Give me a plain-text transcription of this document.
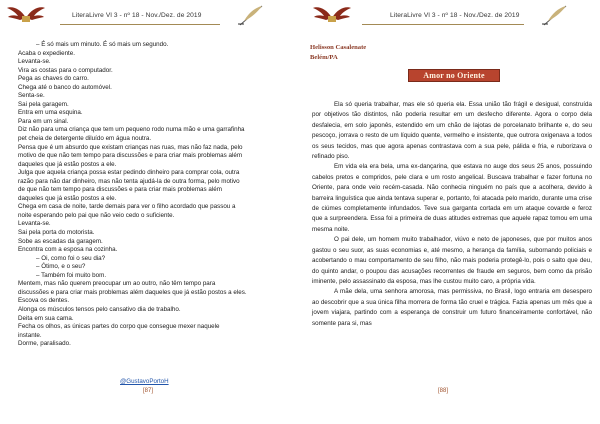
LiteraLivre Vl 3 - nº 18 - Nov./Dez. de 2019
– É só mais um minuto. É só mais um segundo.
Acaba o expediente.
Levanta-se.
Vira as costas para o computador.
Pega as chaves do carro.
Chega até o banco do automóvel.
Senta-se.
Sai pela garagem.
Entra em uma esquina.
Para em um sinal.
Diz não para uma criança que tem um pequeno rodo numa mão e uma garrafinha
pet cheia de detergente diluído em água noutra.
Pensa que é um absurdo que existam crianças nas ruas, mas não faz nada, pelo
motivo de que não tem tempo para discussões e para criar mais problemas além
daqueles que já estão postos a ele.
Julga que aquela criança possa estar pedindo dinheiro para comprar cola, outra
razão para não dar dinheiro, mas não tenta ajudá-la de outra forma, pelo motivo
de que não tem tempo para discussões e para criar mais problemas além
daqueles que já estão postos a ele.
Chega em casa de noite, tarde demais para ver o filho acordado que passou a
noite esperando pelo pai que não veio cedo o suficiente.
Levanta-se.
Sai pela porta do motorista.
Sobe as escadas da garagem.
Encontra com a esposa na cozinha.
– Oi, como foi o seu dia?
– Ótimo, e o seu?
– Também foi muito bom.
Mentem, mas não querem preocupar um ao outro, não têm tempo para
discussões e para criar mais problemas além daqueles que já estão postos a eles.
Escova os dentes.
Alonga os músculos tensos pelo cansativo dia de trabalho.
Deita em sua cama.
Fecha os olhos, as únicas partes do corpo que consegue mexer naquele
instante.
Dorme, paralisado.
@GustavoPortoH
[87]
LiteraLivre Vl 3 - nº 18 - Nov./Dez. de 2019
Helisson Casalenate
Belém/PA
Amor no Oriente

Ela só queria trabalhar, mas ele só queria ela. Essa união tão frágil e desigual, construída por objetivos tão distintos, não poderia resultar em um desfecho diferente. Agora o corpo dela desfalecia, em solo japonês, estendido em um chão de lajotas de porcelanato brilhante e, do seu pescoço, jorrava o resto de um líquido quente, vermelho e insistente, que outrora oxigenava a todos os seus tecidos, mas que agora apenas contrastava com a sua pele, pálida e fria, e ruborizava o refinado piso.

Em vida ela era bela, uma ex-dançarina, que estava no auge dos seus 25 anos, possuindo cabelos pretos e compridos, pele clara e um rosto angelical. Buscava trabalhar e fazer fortuna no Oriente, para onde veio recém-casada. Não conhecia ninguém no país que a acolhera, devido à barreira linguística que ainda tentava superar e, portanto, foi atacada pelo marido, durante uma crise de ciúmes completamente infundados. Teve sua garganta cortada em um ataque covarde e feroz que a surpreendera. Essa foi a primeira de duas atitudes extremas que aquele rapaz tomou em uma mesma noite.

O pai dele, um homem muito trabalhador, viúvo e neto de japoneses, que por muitos anos gastou o seu suor, as suas economias e, até mesmo, a herança da família, subornando policiais e acobertando o mau comportamento de seu filho, não mais poderia protegê-lo, pois o salto que deu, do quinto andar, o poupou das acusações recorrentes de fraude em seguros, bem como da prisão iminente, pelo assassinato da esposa, mas lhe custou muito caro, a própria vida.

A mãe dela, uma senhora amorosa, mas permissiva, no Brasil, logo entraria em desespero ao descobrir que a sua única filha morrera de forma tão cruel e trágica. Fazia apenas um mês que a jovem viajara, partindo com a esperança de construir um futuro financeiramente confortável, não somente para si, mas

[88]
